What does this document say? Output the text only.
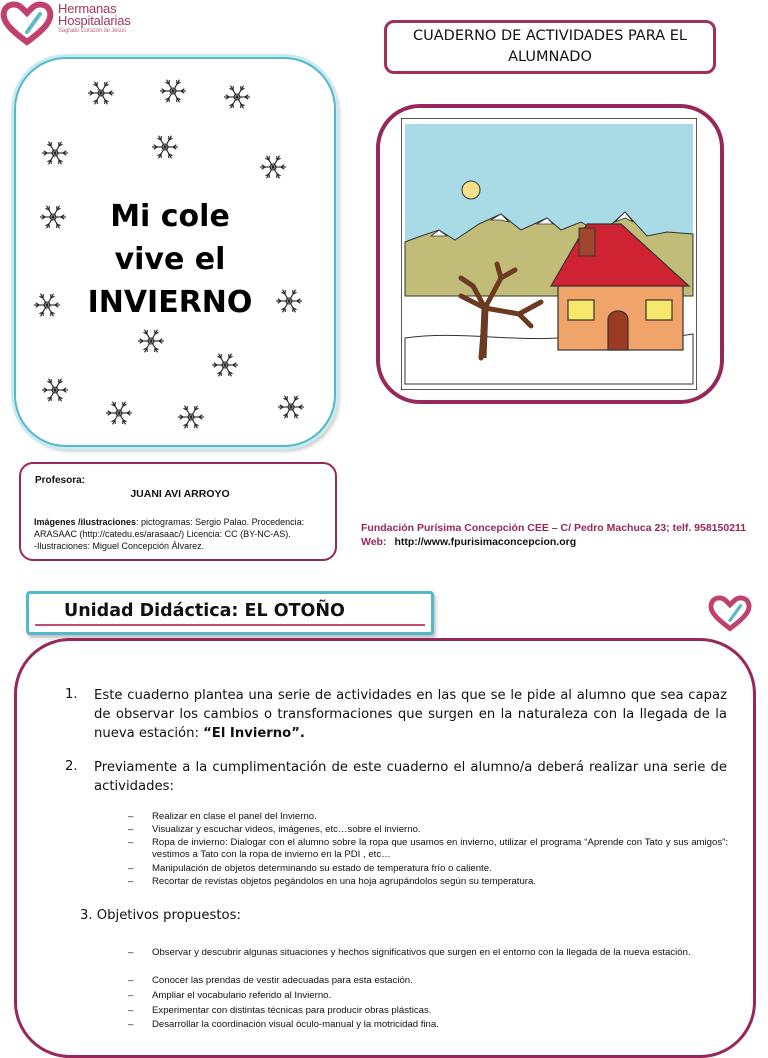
Hermanas
Hospitalarias
Sagrado Corazón de Jesús	CUADERNO DE ACTIVIDADES PARA EL ALUMNADO
Mi cole
vive el
INVIERNO
Profesora:
JUANI AVI ARROYO
Imágenes /ilustraciones: pictogramas: Sergio Palao. Procedencia: ARASAAC (http://catedu.es/arasaac/) Licencia: CC (BY-NC-AS).
-Ilustraciones: Miguel Concepción Álvarez.
Fundación Purísima Concepción CEE – C/ Pedro Machuca 23; telf. 958150211
Web: http://www.fpurisimaconcepcion.org
Unidad Didáctica: EL OTOÑO
1. Este cuaderno plantea una serie de actividades en las que se le pide al alumno que sea capaz de observar los cambios o transformaciones que surgen en la naturaleza con la llegada de la nueva estación: “El Invierno”.
2. Previamente a la cumplimentación de este cuaderno el alumno/a deberá realizar una serie de actividades:
– Realizar en clase el panel del Invierno.
– Visualizar y escuchar videos, imágenes, etc…sobre el invierno.
– Ropa de invierno: Dialogar con el alumno sobre la ropa que usamos en invierno, utilizar el programa “Aprende con Tato y sus amigos”: vestimos a Tato con la ropa de invierno en la PDI , etc…
– Manipulación de objetos determinando su estado de temperatura frío o caliente.
– Recortar de revistas objetos pegándolos en una hoja agrupándolos según su temperatura.
3. Objetivos propuestos:
– Observar y descubrir algunas situaciones y hechos significativos que surgen en el entorno con la llegada de la nueva estación.
– Conocer las prendas de vestir adecuadas para esta estación.
– Ampliar el vocabulario referido al Invierno.
– Experimentar con distintas técnicas para producir obras plásticas.
– Desarrollar la coordinación visual óculo-manual y la motricidad fina.
